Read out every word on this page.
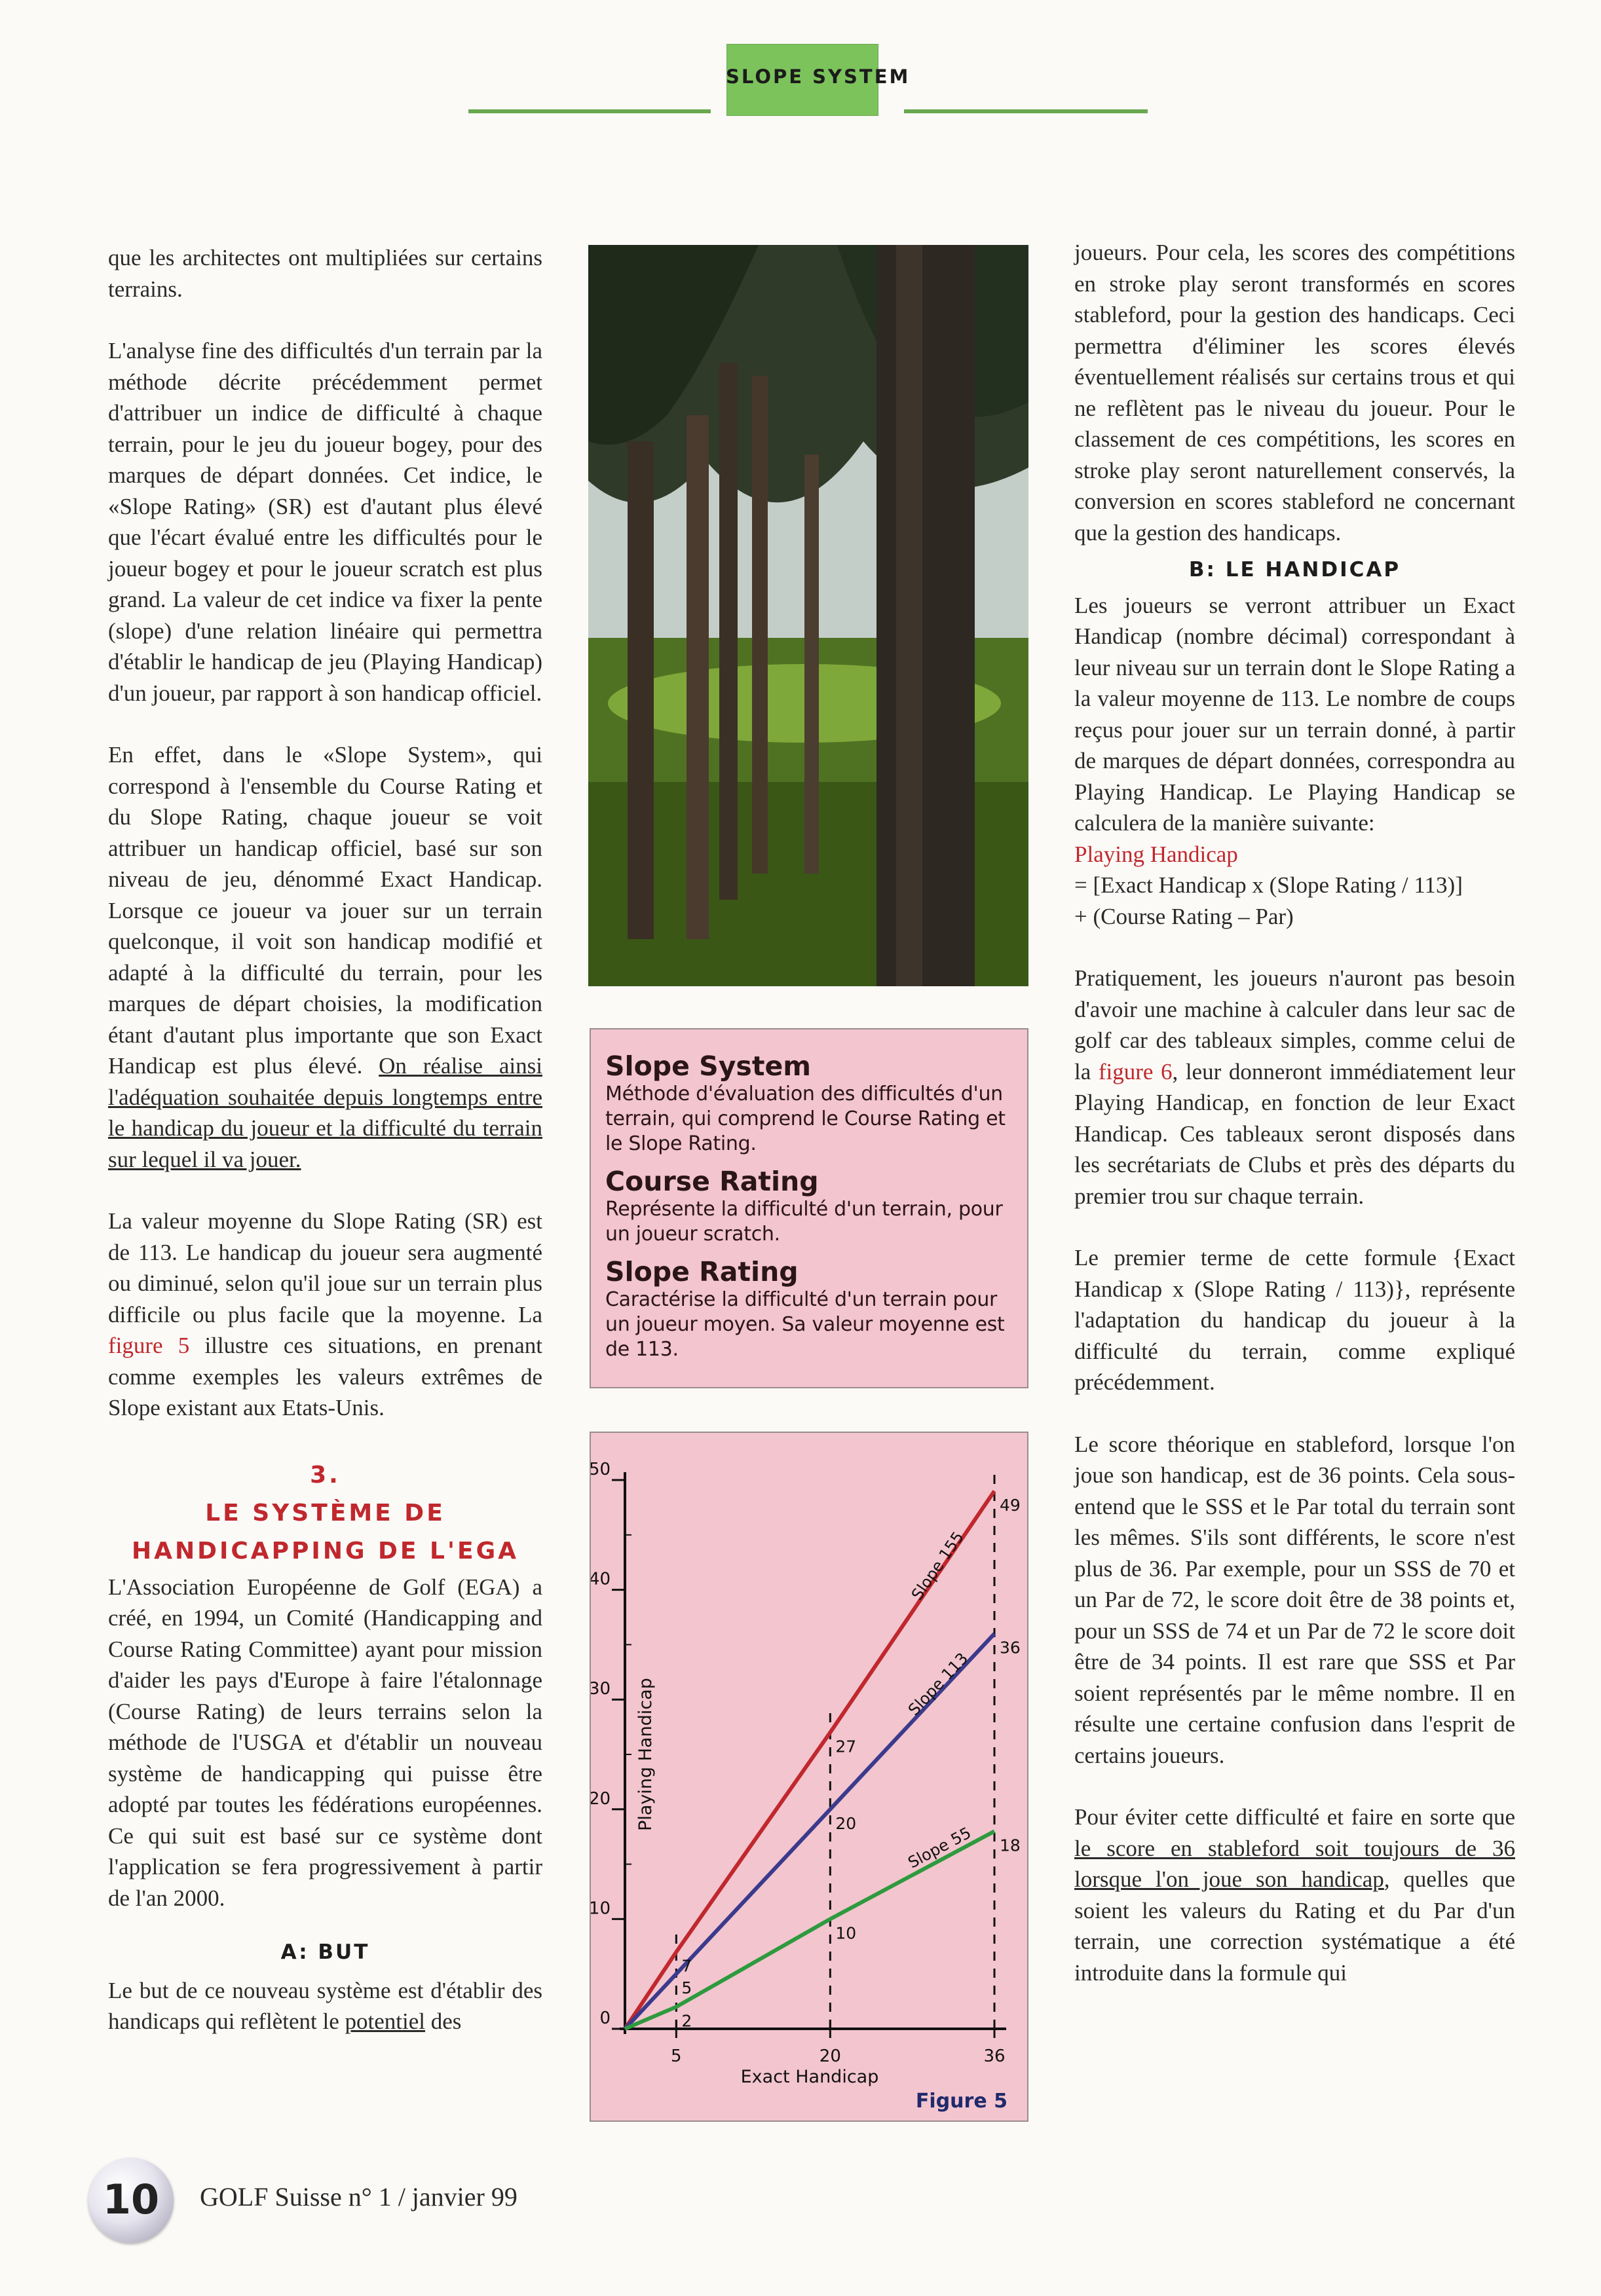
SLOPE SYSTEM

que les architectes ont multipliées sur certains terrains.

L'analyse fine des difficultés d'un terrain par la méthode décrite précédemment permet d'attribuer un indice de difficulté à chaque terrain, pour le jeu du joueur bogey, pour des marques de départ données. Cet indice, le «Slope Rating» (SR) est d'autant plus élevé que l'écart évalué entre les difficultés pour le joueur bogey et pour le joueur scratch est plus grand. La valeur de cet indice va fixer la pente (slope) d'une relation linéaire qui permettra d'établir le handicap de jeu (Playing Handicap) d'un joueur, par rapport à son handicap officiel.

En effet, dans le «Slope System», qui correspond à l'ensemble du Course Rating et du Slope Rating, chaque joueur se voit attribuer un handicap officiel, basé sur son niveau de jeu, dénommé Exact Handicap. Lorsque ce joueur va jouer sur un terrain quelconque, il voit son handicap modifié et adapté à la difficulté du terrain, pour les marques de départ choisies, la modification étant d'autant plus importante que son Exact Handicap est plus élevé. On réalise ainsi l'adéquation souhaitée depuis longtemps entre le handicap du joueur et la difficulté du terrain sur lequel il va jouer.

La valeur moyenne du Slope Rating (SR) est de 113. Le handicap du joueur sera augmenté ou diminué, selon qu'il joue sur un terrain plus difficile ou plus facile que la moyenne. La figure 5 illustre ces situations, en prenant comme exemples les valeurs extrêmes de Slope existant aux Etats-Unis.

3.
LE SYSTÈME DE
HANDICAPPING DE L'EGA

L'Association Européenne de Golf (EGA) a créé, en 1994, un Comité (Handicapping and Course Rating Committee) ayant pour mission d'aider les pays d'Europe à faire l'étalonnage (Course Rating) de leurs terrains selon la méthode de l'USGA et d'établir un nouveau système de handicapping qui puisse être adopté par toutes les fédérations européennes. Ce qui suit est basé sur ce système dont l'application se fera progressivement à partir de l'an 2000.

A: BUT

Le but de ce nouveau système est d'établir des handicaps qui reflètent le potentiel des

Slope System
Méthode d'évaluation des difficultés d'un terrain, qui comprend le Course Rating et le Slope Rating.
Course Rating
Représente la difficulté d'un terrain, pour un joueur scratch.
Slope Rating
Caractérise la difficulté d'un terrain pour un joueur moyen. Sa valeur moyenne est de 113.
0
10
20
30
40
50
5	20	36
Exact Handicap
Playing Handicap
Slope 155
Slope 113
Slope 55
7
5
2
27
20
10
49
36
18
Figure 5

joueurs. Pour cela, les scores des compétitions en stroke play seront transformés en scores stableford, pour la gestion des handicaps. Ceci permettra d'éliminer les scores élevés éventuellement réalisés sur certains trous et qui ne reflètent pas le niveau du joueur. Pour le classement de ces compétitions, les scores en stroke play seront naturellement conservés, la conversion en scores stableford ne concernant que la gestion des handicaps.

B: LE HANDICAP

Les joueurs se verront attribuer un Exact Handicap (nombre décimal) correspondant à leur niveau sur un terrain dont le Slope Rating a la valeur moyenne de 113. Le nombre de coups reçus pour jouer sur un terrain donné, à partir de marques de départ données, correspondra au Playing Handicap. Le Playing Handicap se calculera de la manière suivante:

Playing Handicap
= [Exact Handicap x (Slope Rating / 113)]
+ (Course Rating – Par)

Pratiquement, les joueurs n'auront pas besoin d'avoir une machine à calculer dans leur sac de golf car des tableaux simples, comme celui de la figure 6, leur donneront immédiatement leur Playing Handicap, en fonction de leur Exact Handicap. Ces tableaux seront disposés dans les secrétariats de Clubs et près des départs du premier trou sur chaque terrain.

Le premier terme de cette formule {Exact Handicap x (Slope Rating / 113)}, représente l'adaptation du handicap du joueur à la difficulté du terrain, comme expliqué précédemment.

Le score théorique en stableford, lorsque l'on joue son handicap, est de 36 points. Cela sous-entend que le SSS et le Par total du terrain sont les mêmes. S'ils sont différents, le score n'est plus de 36. Par exemple, pour un SSS de 70 et un Par de 72, le score doit être de 38 points et, pour un SSS de 74 et un Par de 72 le score doit être de 34 points. Il est rare que SSS et Par soient représentés par le même nombre. Il en résulte une certaine confusion dans l'esprit de certains joueurs.

Pour éviter cette difficulté et faire en sorte que le score en stableford soit toujours de 36 lorsque l'on joue son handicap, quelles que soient les valeurs du Rating et du Par d'un terrain, une correction systématique a été introduite dans la formule qui

10	GOLF Suisse n° 1 / janvier 99
